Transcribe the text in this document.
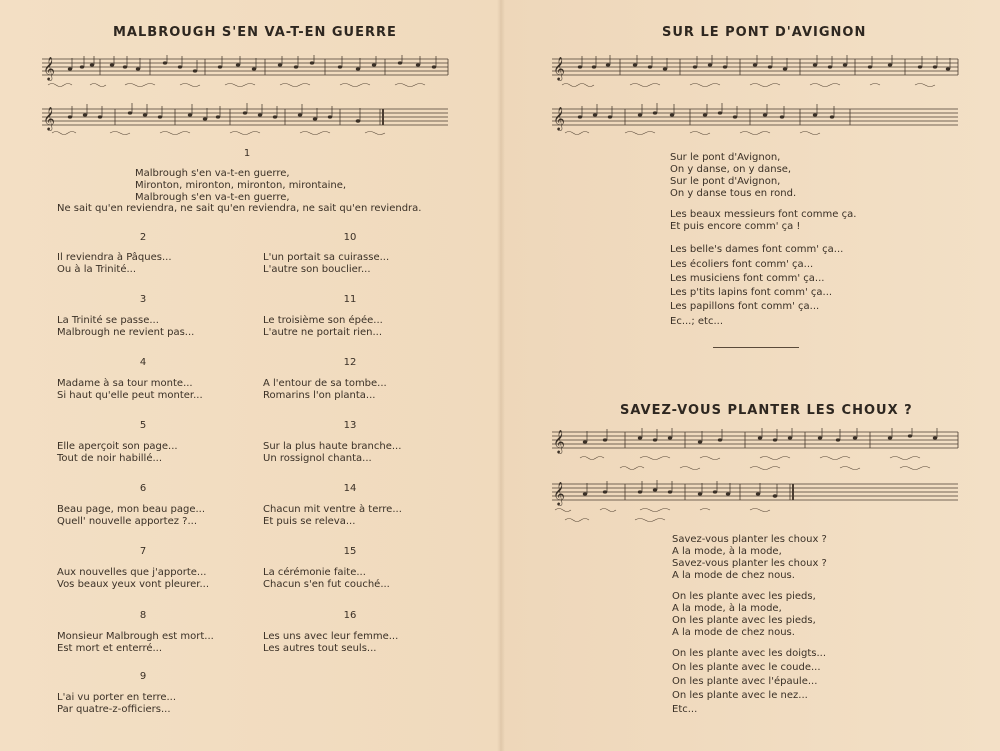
MALBROUGH S'EN VA-T-EN GUERRE
𝄞
𝄞
1
Malbrough s'en va-t-en guerre,
Mironton, mironton, mironton, mirontaine,
Malbrough s'en va-t-en guerre,
Ne sait qu'en reviendra, ne sait qu'en reviendra, ne sait qu'en reviendra.
2
Il reviendra à Pâques...
Ou à la Trinité...
3
La Trinité se passe...
Malbrough ne revient pas...
4
Madame à sa tour monte...
Si haut qu'elle peut monter...
5
Elle aperçoit son page...
Tout de noir habillé...
6
Beau page, mon beau page...
Quell' nouvelle apportez ?...
7
Aux nouvelles que j'apporte...
Vos beaux yeux vont pleurer...
8
Monsieur Malbrough est mort...
Est mort et enterré...
9
L'ai vu porter en terre...
Par quatre-z-officiers...
10
L'un portait sa cuirasse...
L'autre son bouclier...
11
Le troisième son épée...
L'autre ne portait rien...
12
A l'entour de sa tombe...
Romarins l'on planta...
13
Sur la plus haute branche...
Un rossignol chanta...
14
Chacun mit ventre à terre...
Et puis se releva...
15
La cérémonie faite...
Chacun s'en fut couché...
16
Les uns avec leur femme...
Les autres tout seuls...
SUR LE PONT D'AVIGNON
𝄞
𝄞
Sur le pont d'Avignon,
On y danse, on y danse,
Sur le pont d'Avignon,
On y danse tous en rond.
Les beaux messieurs font comme ça.
Et puis encore comm' ça !
Les belle's dames font comm' ça...
Les écoliers font comm' ça...
Les musiciens font comm' ça...
Les p'tits lapins font comm' ça...
Les papillons font comm' ça...
Ec...; etc...
SAVEZ-VOUS PLANTER LES CHOUX ?
𝄞
𝄞
Savez-vous planter les choux ?
A la mode, à la mode,
Savez-vous planter les choux ?
A la mode de chez nous.
On les plante avec les pieds,
A la mode, à la mode,
On les plante avec les pieds,
A la mode de chez nous.
On les plante avec les doigts...
On les plante avec le coude...
On les plante avec l'épaule...
On les plante avec le nez...
Etc...
